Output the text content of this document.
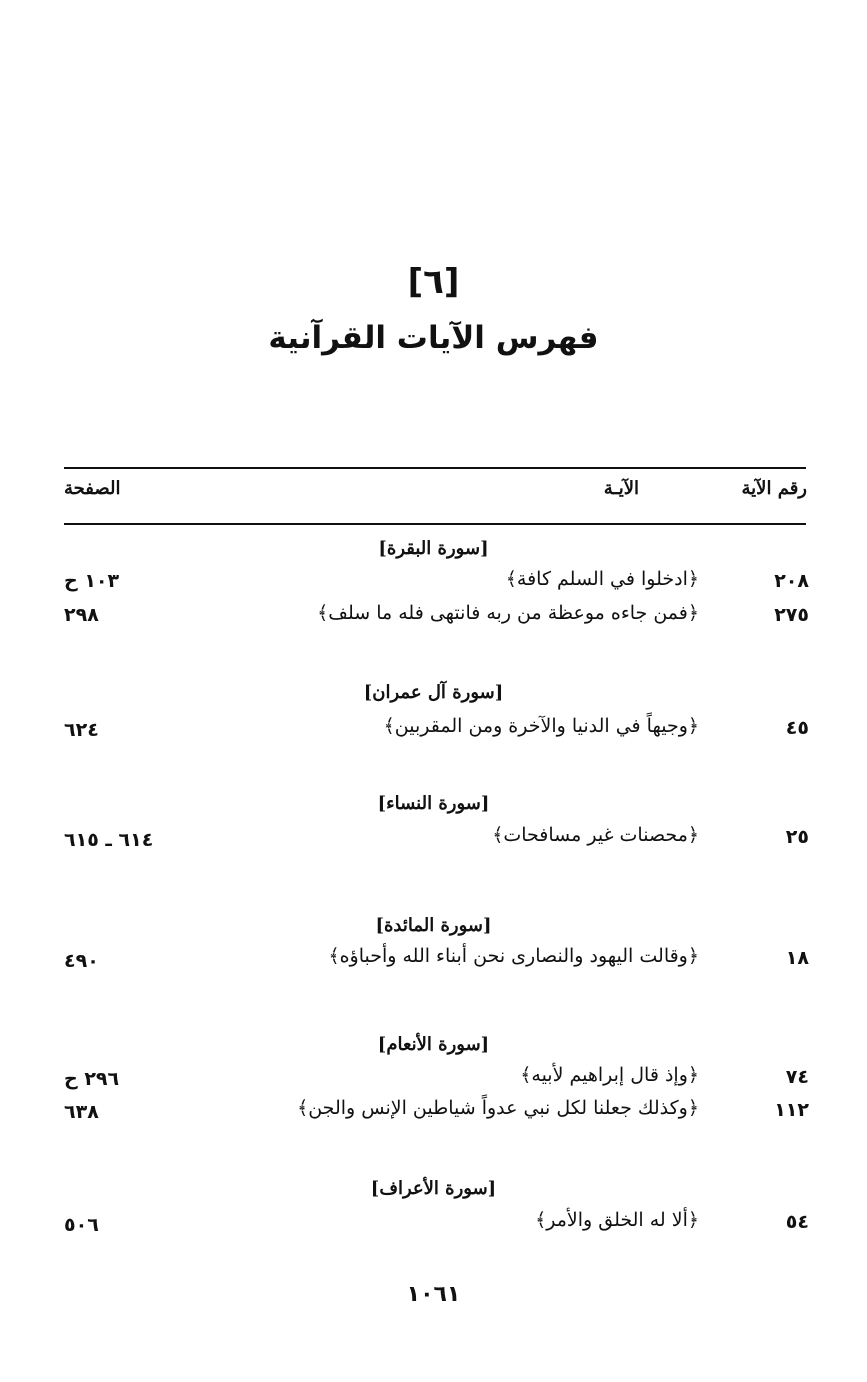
[٦]
فهرس الآيات القرآنية
رقم الآية
الآيـة
الصفحة
[سورة البقرة]
٢٠٨
﴿ادخلوا في السلم كافة﴾
١٠٣ ح
٢٧٥
﴿فمن جاءه موعظة من ربه فانتهى فله ما سلف﴾
٢٩٨
[سورة آل عمران]
٤٥
﴿وجيهاً في الدنيا والآخرة ومن المقربين﴾
٦٢٤
[سورة النساء]
٢٥
﴿محصنات غير مسافحات﴾
٦١٤ ـ ٦١٥
[سورة المائدة]
١٨
﴿وقالت اليهود والنصارى نحن أبناء الله وأحباؤه﴾
٤٩٠
[سورة الأنعام]
٧٤
﴿وإذ قال إبراهيم لأبيه﴾
٢٩٦ ح
١١٢
﴿وكذلك جعلنا لكل نبي عدواً شياطين الإنس والجن﴾
٦٣٨
[سورة الأعراف]
٥٤
﴿ألا له الخلق والأمر﴾
٥٠٦
١٠٦١
